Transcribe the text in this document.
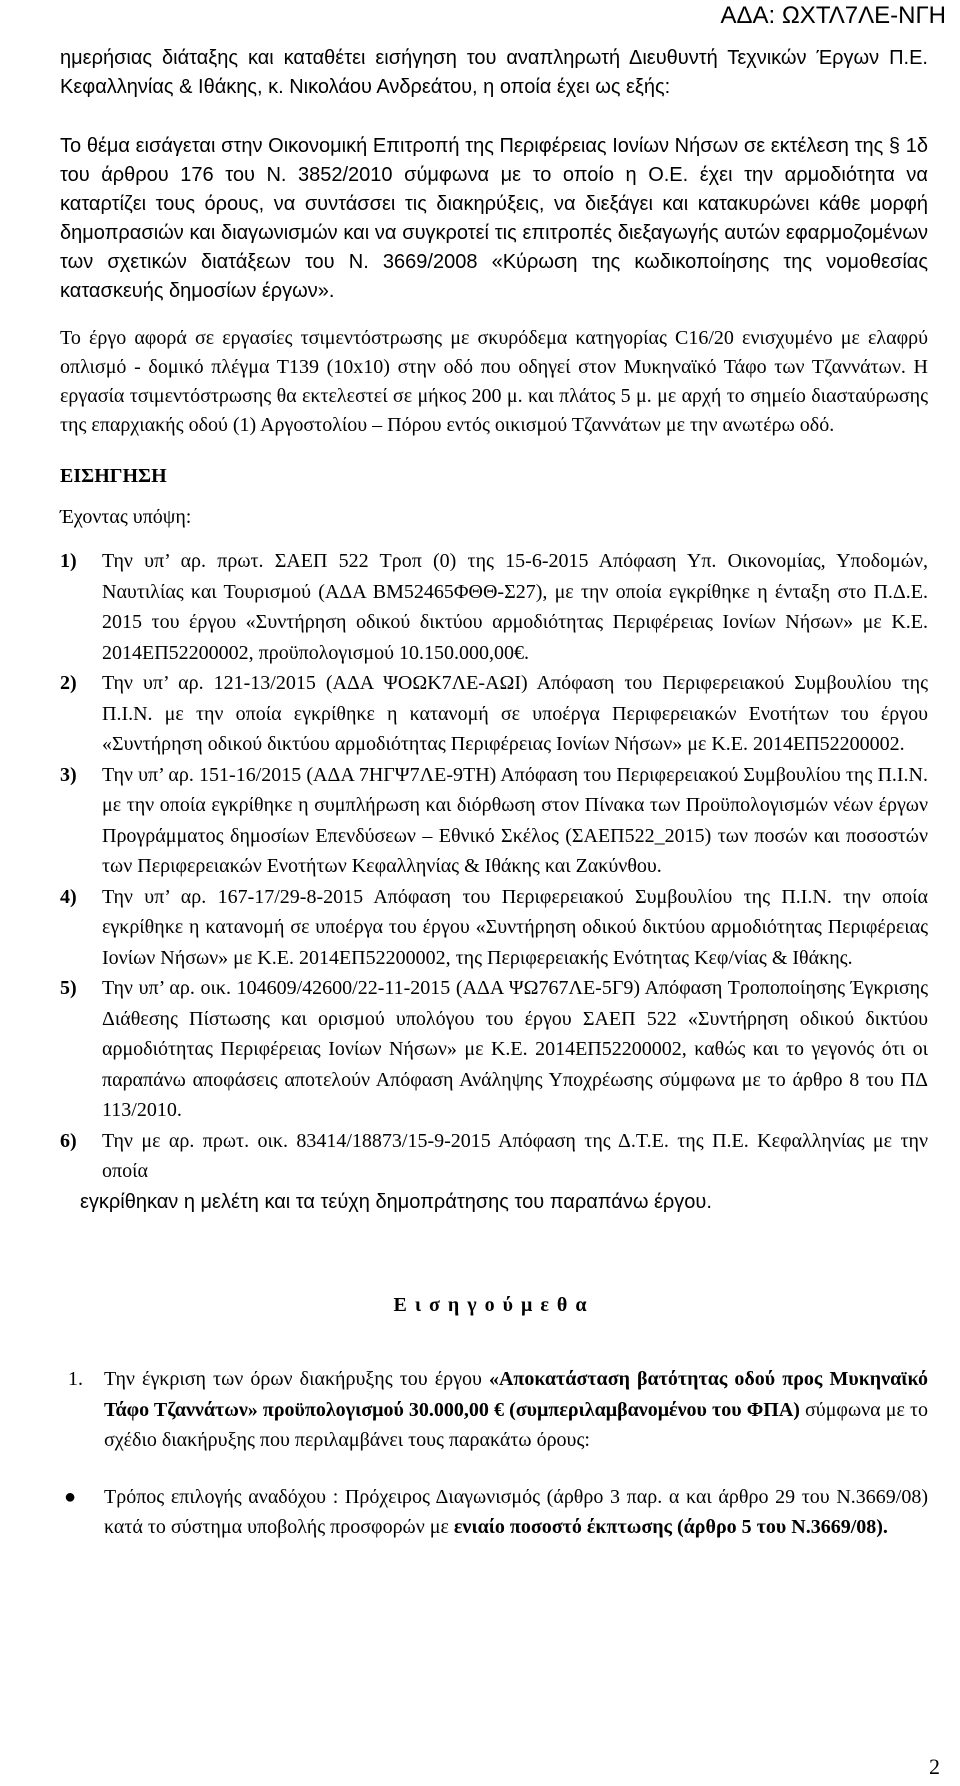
ΑΔΑ: ΩΧΤΛ7ΛΕ-ΝΓΗ

ημερήσιας διάταξης και καταθέτει εισήγηση του αναπληρωτή Διευθυντή Τεχνικών Έργων Π.Ε. Κεφαλληνίας & Ιθάκης, κ. Νικολάου Ανδρεάτου, η οποία έχει ως εξής:

Το θέμα εισάγεται στην Οικονομική Επιτροπή της Περιφέρειας Ιονίων Νήσων σε εκτέλεση της § 1δ του άρθρου 176 του Ν. 3852/2010 σύμφωνα με το οποίο η Ο.Ε. έχει την αρμοδιότητα να καταρτίζει τους όρους, να συντάσσει τις διακηρύξεις, να διεξάγει και κατακυρώνει κάθε μορφή δημοπρασιών και διαγωνισμών και να συγκροτεί τις επιτροπές διεξαγωγής αυτών εφαρμοζομένων των σχετικών διατάξεων του Ν. 3669/2008 «Κύρωση της κωδικοποίησης της νομοθεσίας κατασκευής δημοσίων έργων».

Το έργο αφορά σε εργασίες τσιμεντόστρωσης με σκυρόδεμα κατηγορίας C16/20 ενισχυμένο με ελαφρύ οπλισμό - δομικό πλέγμα Τ139 (10x10) στην οδό που οδηγεί στον Μυκηναϊκό Τάφο των Τζαννάτων. Η εργασία τσιμεντόστρωσης θα εκτελεστεί σε μήκος 200 μ. και πλάτος 5 μ. με αρχή το σημείο διασταύρωσης της επαρχιακής οδού (1) Αργοστολίου – Πόρου εντός οικισμού Τζαννάτων με την ανωτέρω οδό.

ΕΙΣΗΓΗΣΗ

Έχοντας υπόψη:

1) Την υπ’ αρ. πρωτ. ΣΑΕΠ 522 Τροπ (0) της 15-6-2015 Απόφαση Υπ. Οικονομίας, Υποδομών, Ναυτιλίας και Τουρισμού (ΑΔΑ ΒΜ52465ΦΘΘ-Σ27), με την οποία εγκρίθηκε η ένταξη στο Π.Δ.Ε. 2015 του έργου «Συντήρηση οδικού δικτύου αρμοδιότητας Περιφέρειας Ιονίων Νήσων» με Κ.Ε. 2014ΕΠ52200002, προϋπολογισμού 10.150.000,00€.
2) Την υπ’ αρ. 121-13/2015 (ΑΔΑ ΨΟΩΚ7ΛΕ-ΑΩΙ) Απόφαση του Περιφερειακού Συμβουλίου της Π.Ι.Ν. με την οποία εγκρίθηκε η κατανομή σε υποέργα Περιφερειακών Ενοτήτων του έργου «Συντήρηση οδικού δικτύου αρμοδιότητας Περιφέρειας Ιονίων Νήσων» με Κ.Ε. 2014ΕΠ52200002.
3) Την υπ’ αρ. 151-16/2015 (ΑΔΑ 7ΗΓΨ7ΛΕ-9ΤΗ) Απόφαση του Περιφερειακού Συμβουλίου της Π.Ι.Ν. με την οποία εγκρίθηκε η συμπλήρωση και διόρθωση στον Πίνακα των Προϋπολογισμών νέων έργων Προγράμματος δημοσίων Επενδύσεων – Εθνικό Σκέλος (ΣΑΕΠ522_2015) των ποσών και ποσοστών των Περιφερειακών Ενοτήτων Κεφαλληνίας & Ιθάκης και Ζακύνθου.
4) Την υπ’ αρ. 167-17/29-8-2015 Απόφαση του Περιφερειακού Συμβουλίου της Π.Ι.Ν. την οποία εγκρίθηκε η κατανομή σε υποέργα του έργου «Συντήρηση οδικού δικτύου αρμοδιότητας Περιφέρειας Ιονίων Νήσων» με Κ.Ε. 2014ΕΠ52200002, της Περιφερειακής Ενότητας Κεφ/νίας & Ιθάκης.
5) Την υπ’ αρ. οικ. 104609/42600/22-11-2015 (ΑΔΑ ΨΩ767ΛΕ-5Γ9) Απόφαση Τροποποίησης Έγκρισης Διάθεσης Πίστωσης και ορισμού υπολόγου του έργου ΣΑΕΠ 522 «Συντήρηση οδικού δικτύου αρμοδιότητας Περιφέρειας Ιονίων Νήσων» με Κ.Ε. 2014ΕΠ52200002, καθώς και το γεγονός ότι οι παραπάνω αποφάσεις αποτελούν Απόφαση Ανάληψης Υποχρέωσης σύμφωνα με το άρθρο 8 του ΠΔ 113/2010.
6) Την με αρ. πρωτ. οικ. 83414/18873/15-9-2015 Απόφαση της Δ.Τ.Ε. της Π.Ε. Κεφαλληνίας με την οποία
εγκρίθηκαν η μελέτη και τα τεύχη δημοπράτησης του παραπάνω έργου.
Εισηγούμεθα
1. Την έγκριση των όρων διακήρυξης του έργου «Αποκατάσταση βατότητας οδού προς Μυκηναϊκό Τάφο Τζαννάτων» προϋπολογισμού 30.000,00 € (συμπεριλαμβανομένου του ΦΠΑ) σύμφωνα με το σχέδιο διακήρυξης που περιλαμβάνει τους παρακάτω όρους:
● Τρόπος επιλογής αναδόχου : Πρόχειρος Διαγωνισμός (άρθρο 3 παρ. α και άρθρο 29 του Ν.3669/08) κατά το σύστημα υποβολής προσφορών με ενιαίο ποσοστό έκπτωσης (άρθρο 5 του Ν.3669/08).
2
